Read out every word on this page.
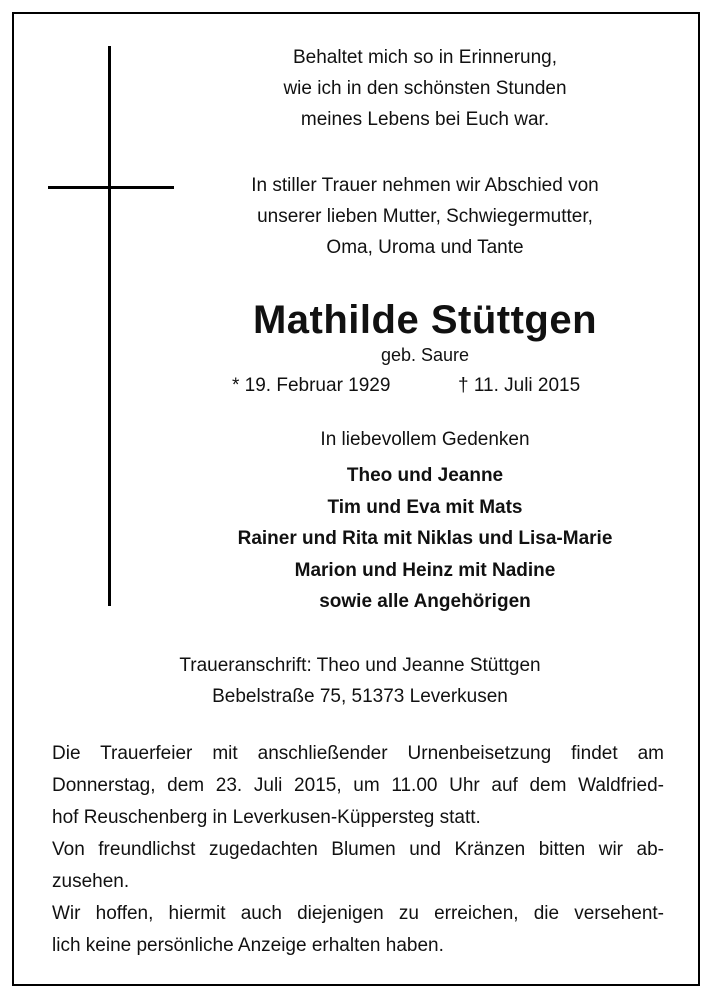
Behaltet mich so in Erinnerung,
wie ich in den schönsten Stunden
meines Lebens bei Euch war.
In stiller Trauer nehmen wir Abschied von
unserer lieben Mutter, Schwiegermutter,
Oma, Uroma und Tante
Mathilde Stüttgen
geb. Saure
* 19. Februar 1929	† 11. Juli 2015
In liebevollem Gedenken
Theo und Jeanne
Tim und Eva mit Mats
Rainer und Rita mit Niklas und Lisa-Marie
Marion und Heinz mit Nadine
sowie alle Angehörigen
Traueranschrift: Theo und Jeanne Stüttgen
Bebelstraße 75, 51373 Leverkusen
Die Trauerfeier mit anschließender Urnenbeisetzung findet am
Donnerstag, dem 23. Juli 2015, um 11.00 Uhr auf dem Waldfried-
hof Reuschenberg in Leverkusen-Küppersteg statt.
Von freundlichst zugedachten Blumen und Kränzen bitten wir ab-
zusehen.
Wir hoffen, hiermit auch diejenigen zu erreichen, die versehent-
lich keine persönliche Anzeige erhalten haben.
